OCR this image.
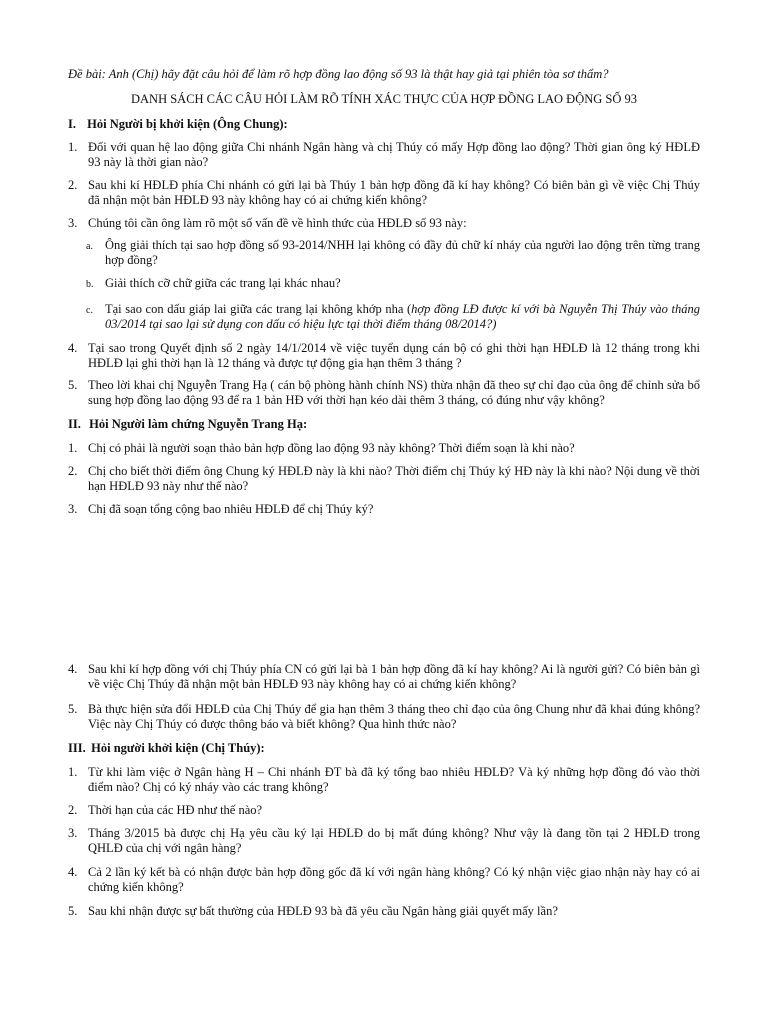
Đề bài: Anh (Chị) hãy đặt câu hỏi để làm rõ hợp đồng lao động số 93 là thật hay giả tại phiên tòa sơ thẩm?
DANH SÁCH CÁC CÂU HỎI LÀM RÕ TÍNH XÁC THỰC CỦA HỢP ĐỒNG LAO ĐỘNG SỐ 93
I. Hỏi Người bị khởi kiện (Ông Chung):
1. Đối với quan hệ lao động giữa Chi nhánh Ngân hàng và chị Thúy có mấy Hợp đồng lao động? Thời gian ông ký HĐLĐ 93 này là thời gian nào?
2. Sau khi kí HĐLĐ phía Chi nhánh có gửi lại bà Thúy 1 bản hợp đồng đã kí hay không? Có biên bản gì về việc Chị Thúy đã nhận một bản HĐLĐ 93 này không hay có ai chứng kiến không?
3. Chúng tôi cần ông làm rõ một số vấn đề về hình thức của HĐLĐ số 93 này:
a. Ông giải thích tại sao hợp đồng số 93-2014/NHH lại không có đầy đủ chữ kí nháy của người lao động trên từng trang hợp đồng?
b. Giải thích cỡ chữ giữa các trang lại khác nhau?
c. Tại sao con dấu giáp lai giữa các trang lại không khớp nha (hợp đồng LĐ được kí với bà Nguyễn Thị Thúy vào tháng 03/2014 tại sao lại sử dụng con dấu có hiệu lực tại thời điểm tháng 08/2014?)
4. Tại sao trong Quyết định số 2 ngày 14/1/2014 về việc tuyển dụng cán bộ có ghi thời hạn HĐLĐ là 12 tháng trong khi HĐLĐ lại ghi thời hạn là 12 tháng và được tự động gia hạn thêm 3 tháng ?
5. Theo lời khai chị Nguyễn Trang Hạ ( cán bộ phòng hành chính NS) thừa nhận đã theo sự chỉ đạo của ông để chỉnh sửa bổ sung hợp đồng lao động 93 để ra 1 bản HĐ với thời hạn kéo dài thêm 3 tháng, có đúng như vậy không?
II. Hỏi Người làm chứng Nguyễn Trang Hạ:
1. Chị có phải là người soạn thảo bản hợp đồng lao động 93 này không? Thời điểm soạn là khi nào?
2. Chị cho biết thời điểm ông Chung ký HĐLĐ này là khi nào? Thời điểm chị Thúy ký HĐ này là khi nào? Nội dung về thời hạn HĐLĐ 93 này như thế nào?
3. Chị đã soạn tổng cộng bao nhiêu HĐLĐ để chị Thúy ký?
4. Sau khi kí hợp đồng với chị Thúy phía CN có gửi lại bà 1 bản hợp đồng đã kí hay không? Ai là người gửi? Có biên bản gì về việc Chị Thúy đã nhận một bản HĐLĐ 93 này không hay có ai chứng kiến không?
5. Bà thực hiện sửa đổi HĐLĐ của Chị Thúy để gia hạn thêm 3 tháng theo chỉ đạo của ông Chung như đã khai đúng không? Việc này Chị Thúy có được thông báo và biết không? Qua hình thức nào?
III. Hỏi người khởi kiện (Chị Thúy):
1. Từ khi làm việc ở Ngân hàng H – Chi nhánh ĐT bà đã ký tổng bao nhiêu HĐLĐ? Và ký những hợp đồng đó vào thời điểm nào? Chị có ký nháy vào các trang không?
2. Thời hạn của các HĐ như thế nào?
3. Tháng 3/2015 bà được chị Hạ yêu cầu ký lại HĐLĐ do bị mất đúng không? Như vậy là đang tồn tại 2 HĐLĐ trong QHLĐ của chị với ngân hàng?
4. Cả 2 lần ký kết bà có nhận được bản hợp đồng gốc đã kí với ngân hàng không? Có ký nhận việc giao nhận này hay có ai chứng kiến không?
5. Sau khi nhận được sự bất thường của HĐLĐ 93 bà đã yêu cầu Ngân hàng giải quyết mấy lần?
